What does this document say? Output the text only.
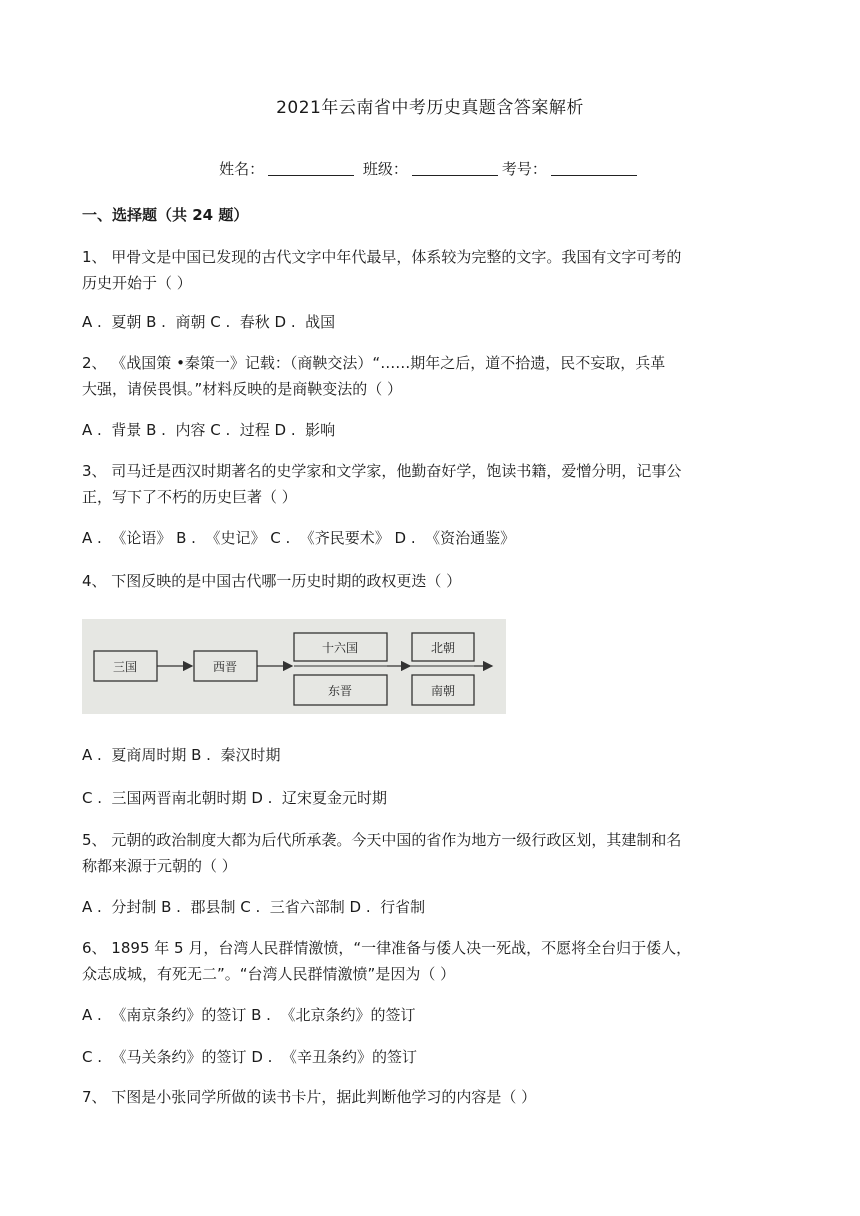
2021年云南省中考历史真题含答案解析
姓名：	班级：	考号：
一、选择题（共 24 题）
1、 甲骨文是中国已发现的古代文字中年代最早，体系较为完整的文字。我国有文字可考的
历史开始于（ ）
A .  夏朝 B .  商朝 C .  春秋 D .  战国
2、 《战国策 •秦策一》记载：（商鞅交法）“……期年之后，道不拾遗，民不妄取，兵革
大强，请侯畏惧。”材料反映的是商鞅变法的（ ）
A .  背景 B .  内容 C .  过程 D .  影响
3、 司马迁是西汉时期著名的史学家和文学家，他勤奋好学，饱读书籍，爱憎分明，记事公
正，写下了不朽的历史巨著（ ）
A .  《论语》 B .  《史记》 C .  《齐民要术》 D .  《资治通鉴》
4、 下图反映的是中国古代哪一历史时期的政权更迭（ ）
三国	西晋
十六国
东晋
北朝
南朝
A .  夏商周时期 B .  秦汉时期
C .  三国两晋南北朝时期 D .  辽宋夏金元时期
5、 元朝的政治制度大都为后代所承袭。今天中国的省作为地方一级行政区划，其建制和名
称都来源于元朝的（ ）
A .  分封制 B .  郡县制 C .  三省六部制 D .  行省制
6、 1895 年 5 月，台湾人民群情激愤，“一律准备与倭人决一死战，不愿将全台归于倭人，
众志成城，有死无二”。“台湾人民群情激愤”是因为（ ）
A .  《南京条约》的签订 B .  《北京条约》的签订
C .  《马关条约》的签订 D .  《辛丑条约》的签订
7、 下图是小张同学所做的读书卡片，据此判断他学习的内容是（ ）
